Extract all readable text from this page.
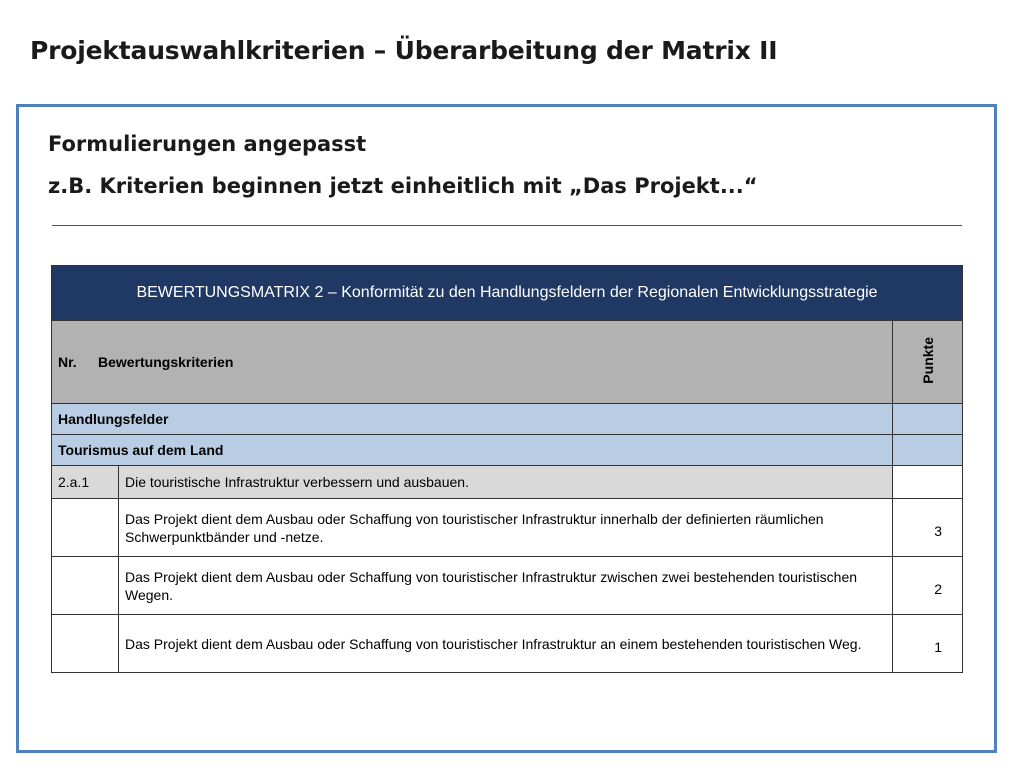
Projektauswahlkriterien – Überarbeitung der Matrix II
Formulierungen angepasst
z.B. Kriterien beginnen jetzt einheitlich mit „Das Projekt...“
BEWERTUNGSMATRIX 2 – Konformität zu den Handlungsfeldern der Regionalen Entwicklungsstrategie		
Nr. Bewertungskriterien		Punkte
Handlungsfelder		
Tourismus auf dem Land		
2.a.1	Die touristische Infrastruktur verbessern und ausbauen.	
	Das Projekt dient dem Ausbau oder Schaffung von touristischer Infrastruktur innerhalb der definierten räumlichen Schwerpunktbänder und -netze.	3
	Das Projekt dient dem Ausbau oder Schaffung von touristischer Infrastruktur zwischen zwei bestehenden touristischen Wegen.	2
	Das Projekt dient dem Ausbau oder Schaffung von touristischer Infrastruktur an einem bestehenden touristischen Weg.	1
